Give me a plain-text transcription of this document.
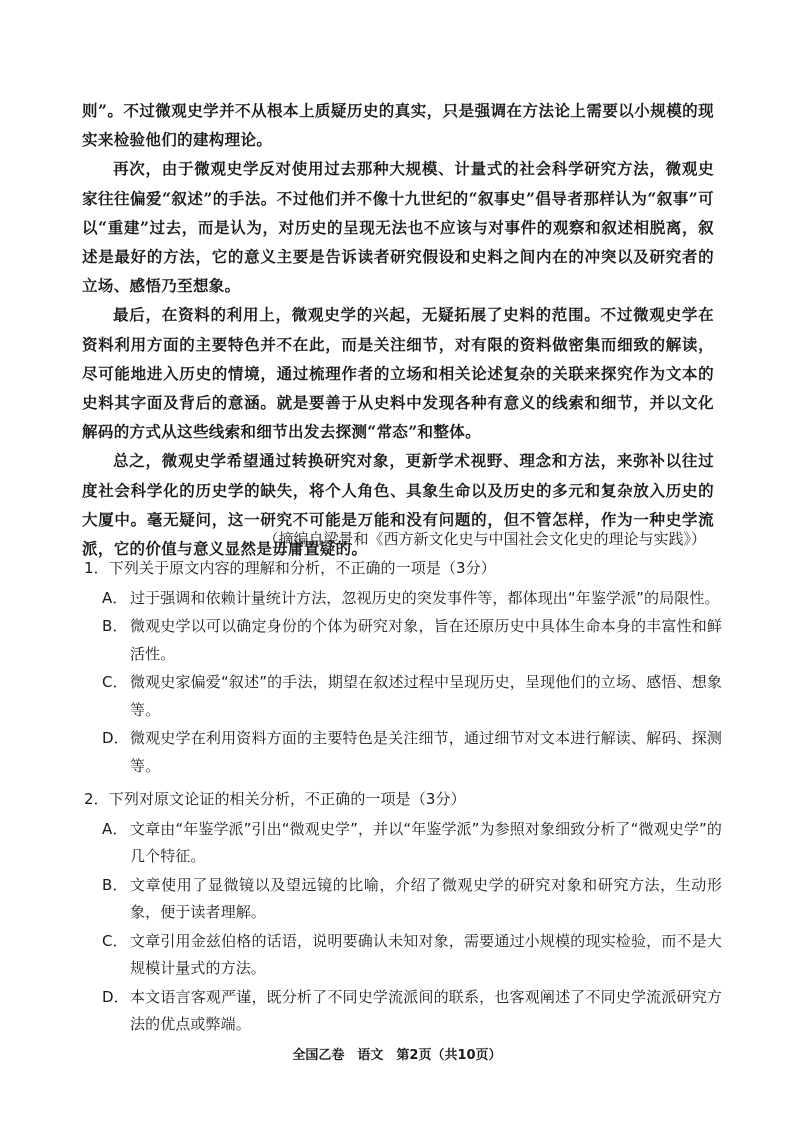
则”。不过微观史学并不从根本上质疑历史的真实，只是强调在方法论上需要以小规模的现实来检验他们的建构理论。

再次，由于微观史学反对使用过去那种大规模、计量式的社会科学研究方法，微观史家往往偏爱“叙述”的手法。不过他们并不像十九世纪的“叙事史”倡导者那样认为“叙事”可以“重建”过去，而是认为，对历史的呈现无法也不应该与对事件的观察和叙述相脱离，叙述是最好的方法，它的意义主要是告诉读者研究假设和史料之间内在的冲突以及研究者的立场、感悟乃至想象。

最后，在资料的利用上，微观史学的兴起，无疑拓展了史料的范围。不过微观史学在资料利用方面的主要特色并不在此，而是关注细节，对有限的资料做密集而细致的解读，尽可能地进入历史的情境，通过梳理作者的立场和相关论述复杂的关联来探究作为文本的史料其字面及背后的意涵。就是要善于从史料中发现各种有意义的线索和细节，并以文化解码的方式从这些线索和细节出发去探测“常态”和整体。

总之，微观史学希望通过转换研究对象，更新学术视野、理念和方法，来弥补以往过度社会科学化的历史学的缺失，将个人角色、具象生命以及历史的多元和复杂放入历史的大厦中。毫无疑问，这一研究不可能是万能和没有问题的，但不管怎样，作为一种史学流派，它的价值与意义显然是毋庸置疑的。

（摘编自梁景和《西方新文化史与中国社会文化史的理论与实践》）
1． 下列关于原文内容的理解和分析，不正确的一项是（3分）
A． 过于强调和依赖计量统计方法，忽视历史的突发事件等，都体现出“年鉴学派”的局限性。
B． 微观史学以可以确定身份的个体为研究对象，旨在还原历史中具体生命本身的丰富性和鲜活性。
C． 微观史家偏爱“叙述”的手法，期望在叙述过程中呈现历史，呈现他们的立场、感悟、想象等。
D． 微观史学在利用资料方面的主要特色是关注细节，通过细节对文本进行解读、解码、探测等。
2． 下列对原文论证的相关分析，不正确的一项是（3分）
A． 文章由“年鉴学派”引出“微观史学”，并以“年鉴学派”为参照对象细致分析了“微观史学”的几个特征。
B． 文章使用了显微镜以及望远镜的比喻，介绍了微观史学的研究对象和研究方法，生动形象，便于读者理解。
C． 文章引用金兹伯格的话语，说明要确认未知对象，需要通过小规模的现实检验，而不是大规模计量式的方法。
D． 本文语言客观严谨，既分析了不同史学流派间的联系，也客观阐述了不同史学流派研究方法的优点或弊端。
全国乙卷　语文　第2页（共10页）
